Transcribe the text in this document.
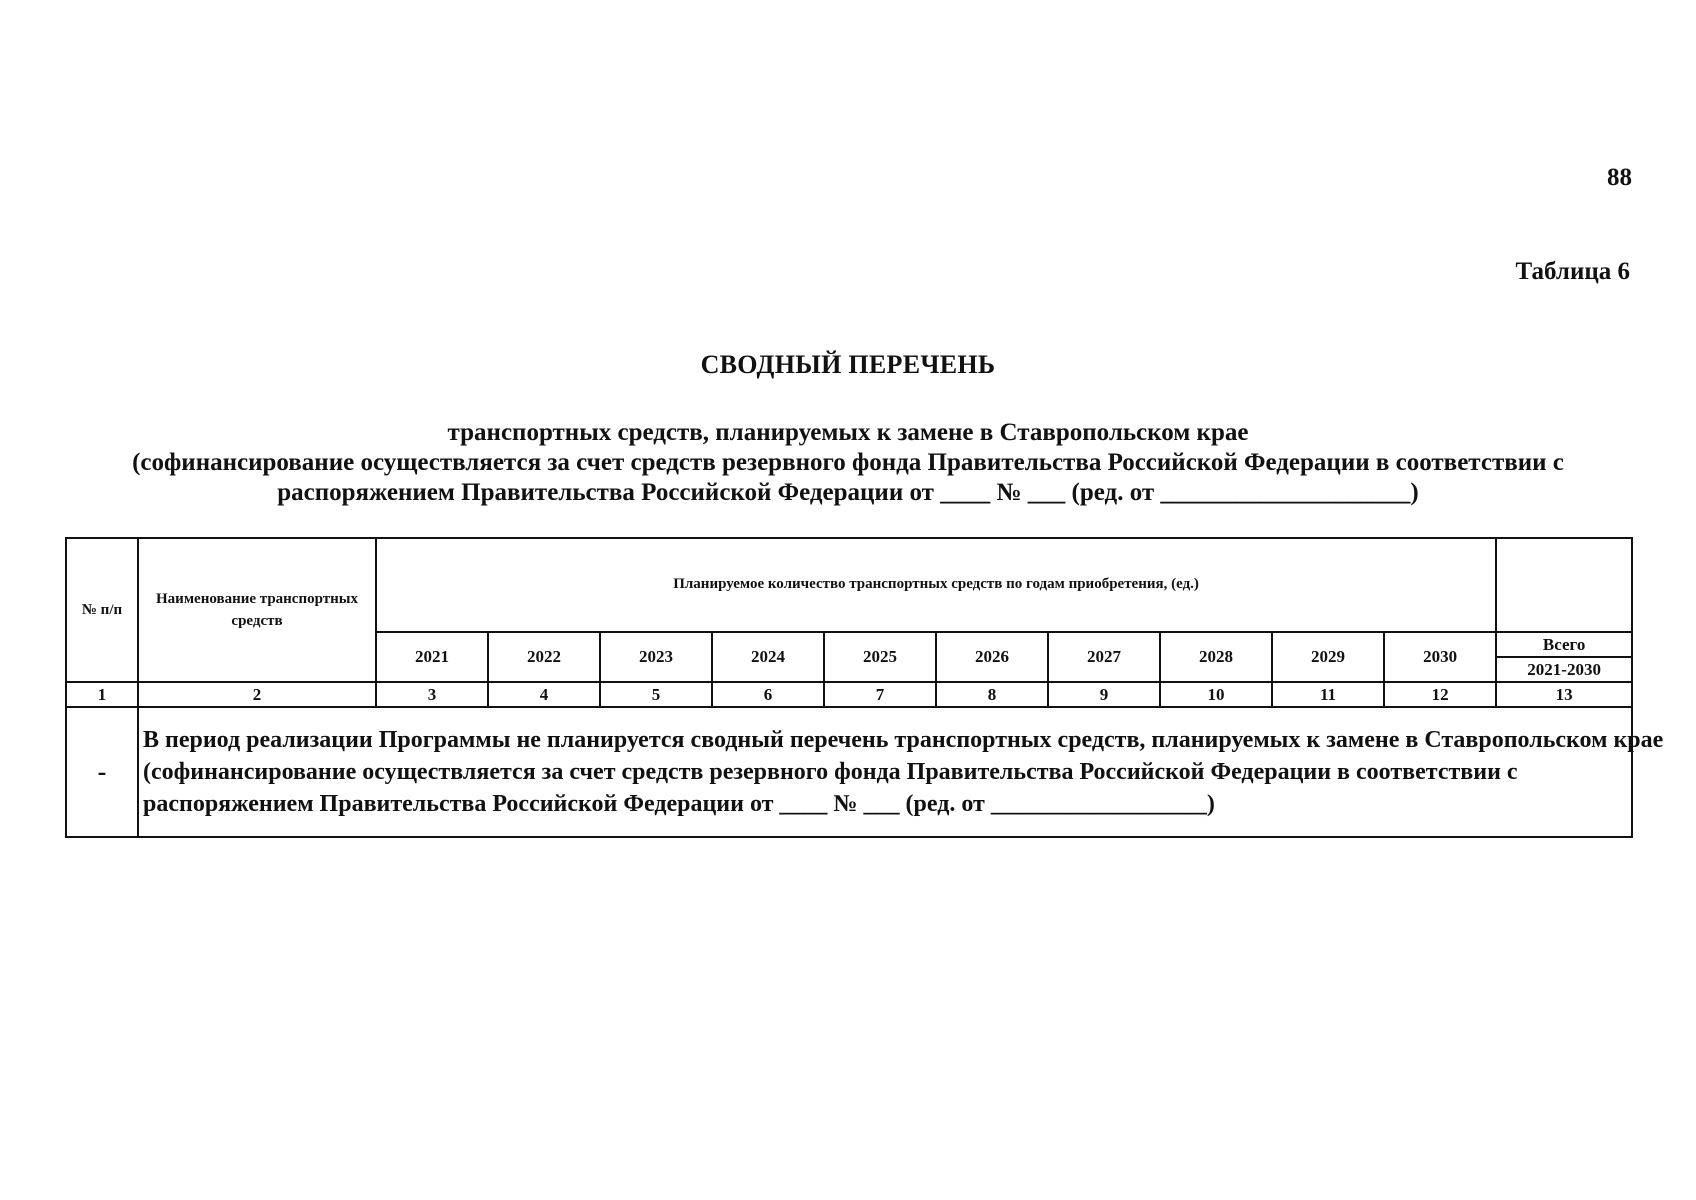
88
Таблица 6
СВОДНЫЙ ПЕРЕЧЕНЬ
транспортных средств, планируемых к замене в Ставропольском крае
(софинансирование осуществляется за счет средств резервного фонда Правительства Российской Федерации в соответствии с
распоряжением Правительства Российской Федерации от ____ № ___ (ред. от ____________________)
№ п/п	Наименование транспортных средств	Планируемое количество транспортных средств по годам приобретения, (ед.)										
		2021	2022	2023	2024	2025	2026	2027	2028	2029	2030	Всего
												2021-2030
1	2	3	4	5	6	7	8	9	10	11	12	13
-	В период реализации Программы не планируется сводный перечень транспортных средств, планируемых к замене в Ставропольском крае
(софинансирование осуществляется за счет средств резервного фонда Правительства Российской Федерации в соответствии с
распоряжением Правительства Российской Федерации от ____ № ___ (ред. от __________________)											
